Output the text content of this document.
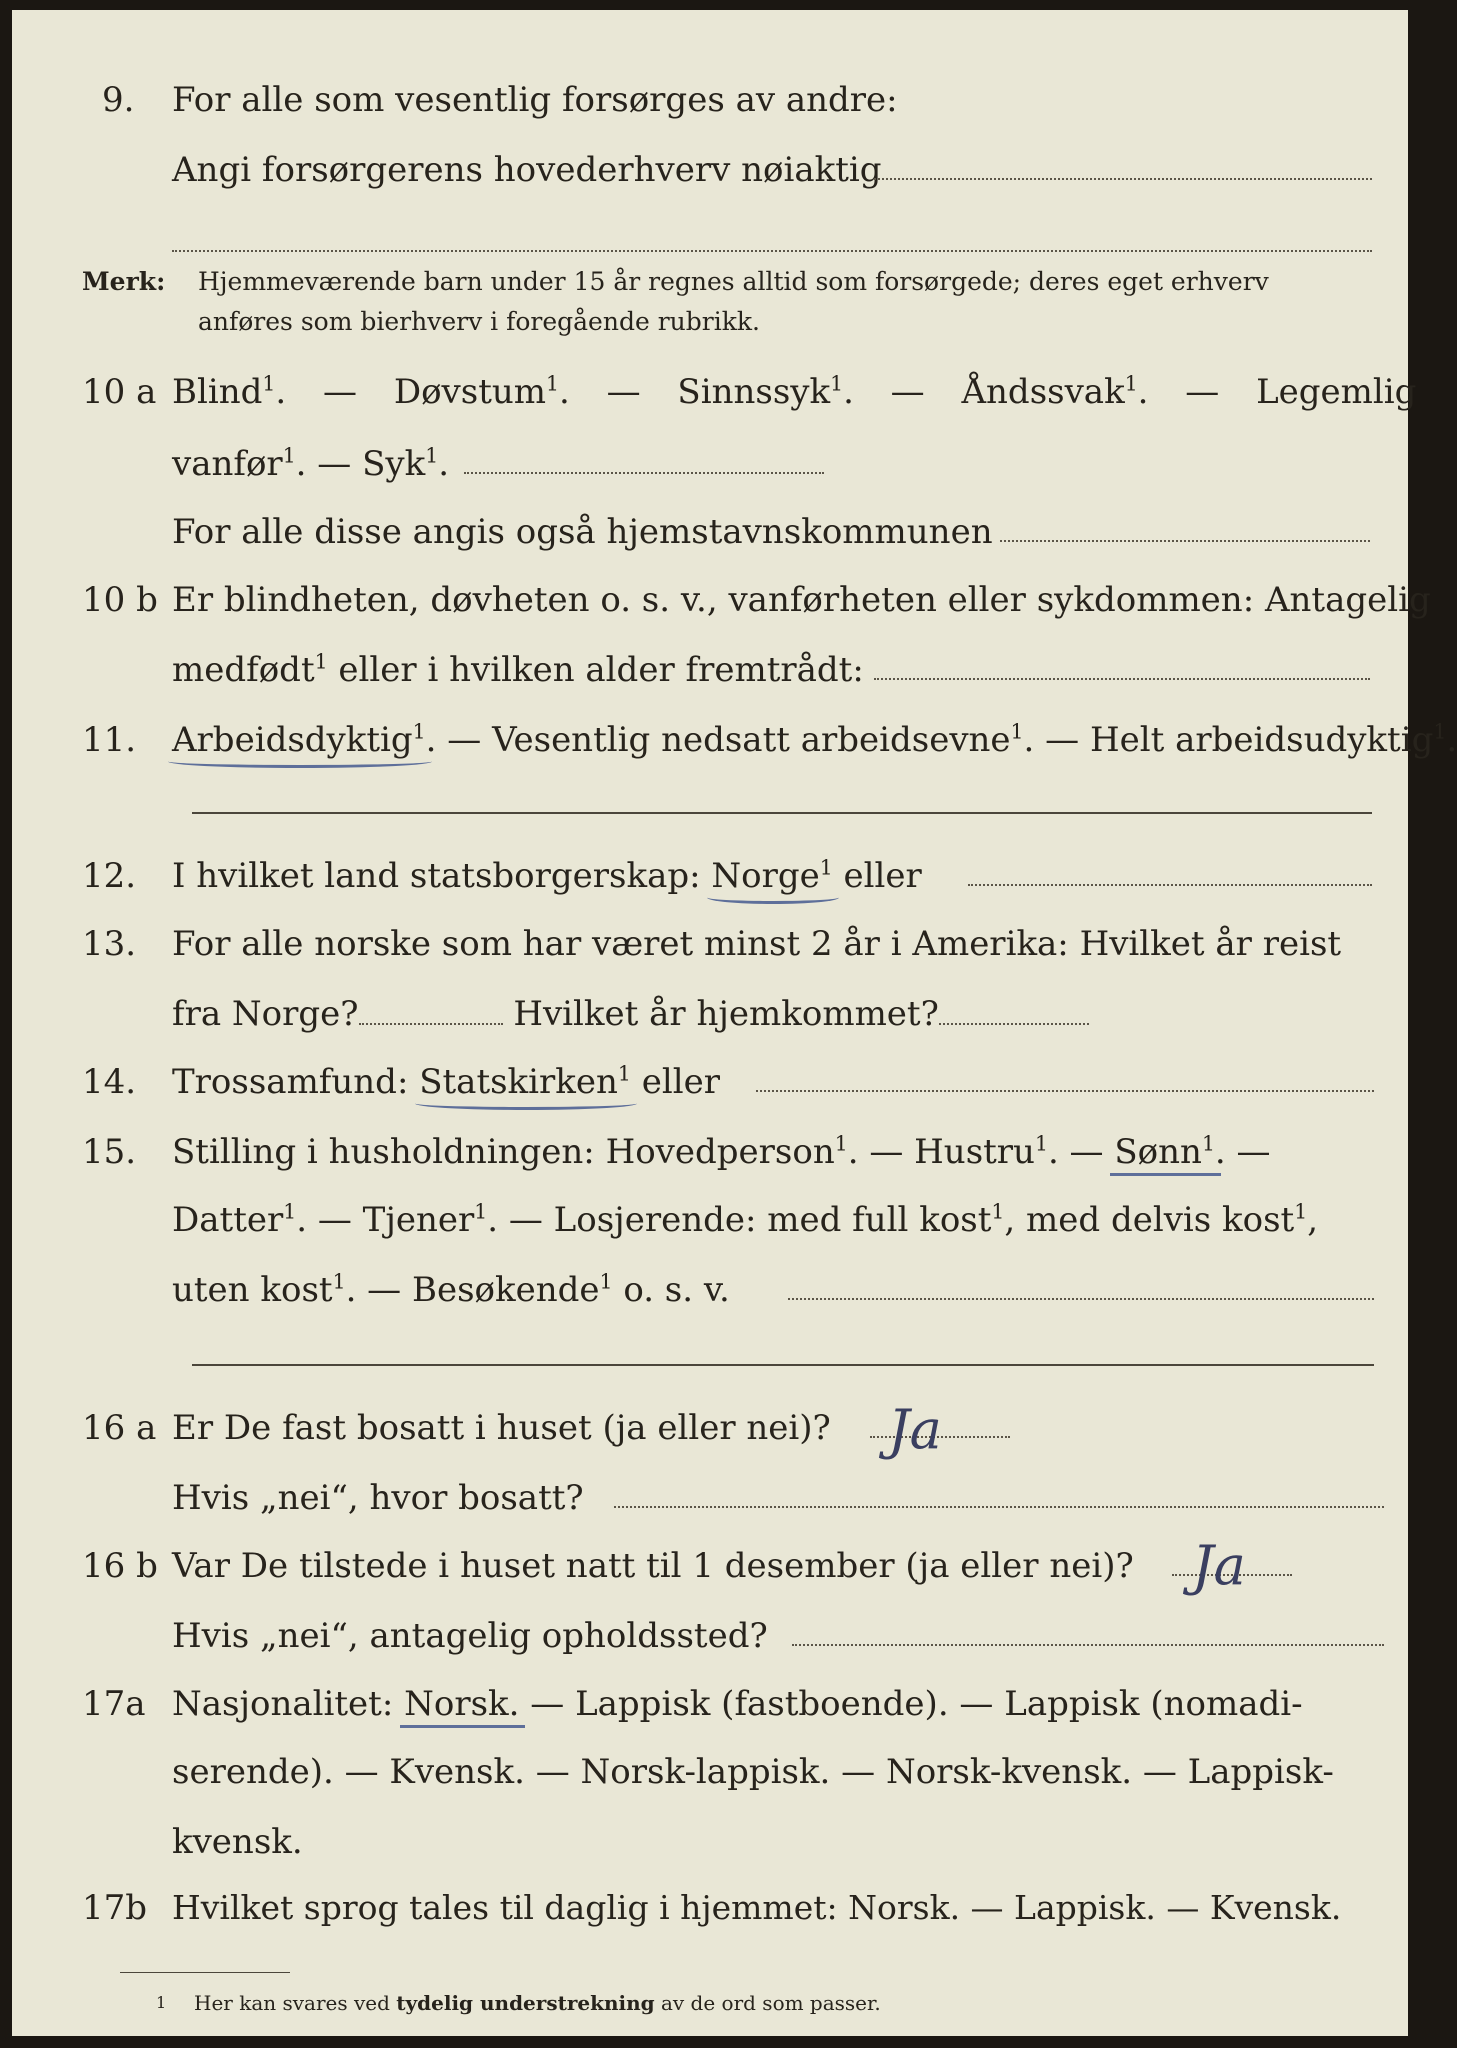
9. For alle som vesentlig forsørges av andre:
Angi forsørgerens hovederhverv nøiaktig
Merk: Hjemmeværende barn under 15 år regnes alltid som forsørgede; deres eget erhverv
anføres som bierhverv i foregående rubrikk.
10 a Blind$^1$. — Døvstum$^1$. — Sinnssyk$^1$. — Åndssvak$^1$. — Legemlig
vanfør$^1$. — Syk$^1$.
For alle disse angis også hjemstavnskommunen
10 b Er blindheten, døvheten o. s. v., vanførheten eller sykdommen: Antagelig
medfødt$^1$ eller i hvilken alder fremtrådt:
11. Arbeidsdyktig$^1$
. — Vesentlig nedsatt arbeidsevne$^1$. — Helt arbeidsudyktig$^1$.
12. I hvilket land statsborgerskap: Norge$^1$
eller
13. For alle norske som har været minst 2 år i Amerika: Hvilket år reist
fra Norge?	Hvilket år hjemkommet?
14. Trossamfund: Statskirken$^1$
eller
15. Stilling i husholdningen: Hovedperson$^1$. — Hustru$^1$. — Sønn$^1$
. —
Datter$^1$. — Tjener$^1$. — Losjerende: med full kost$^1$, med delvis kost$^1$,
uten kost$^1$. — Besøkende$^1$ o. s. v.
16 a Er De fast bosatt i huset (ja eller nei)? Ja
Hvis „nei“, hvor bosatt?
16 b Var De tilstede i huset natt til 1 desember (ja eller nei)? Ja
Hvis „nei“, antagelig opholdssted?
17a Nasjonalitet: Norsk.
— Lappisk (fastboende). — Lappisk (nomadi-
serende). — Kvensk. — Norsk-lappisk. — Norsk-kvensk. — Lappisk-
kvensk.
17b Hvilket sprog tales til daglig i hjemmet: Norsk. — Lappisk. — Kvensk.
1 Her kan svares ved tydelig understrekning av de ord som passer.
